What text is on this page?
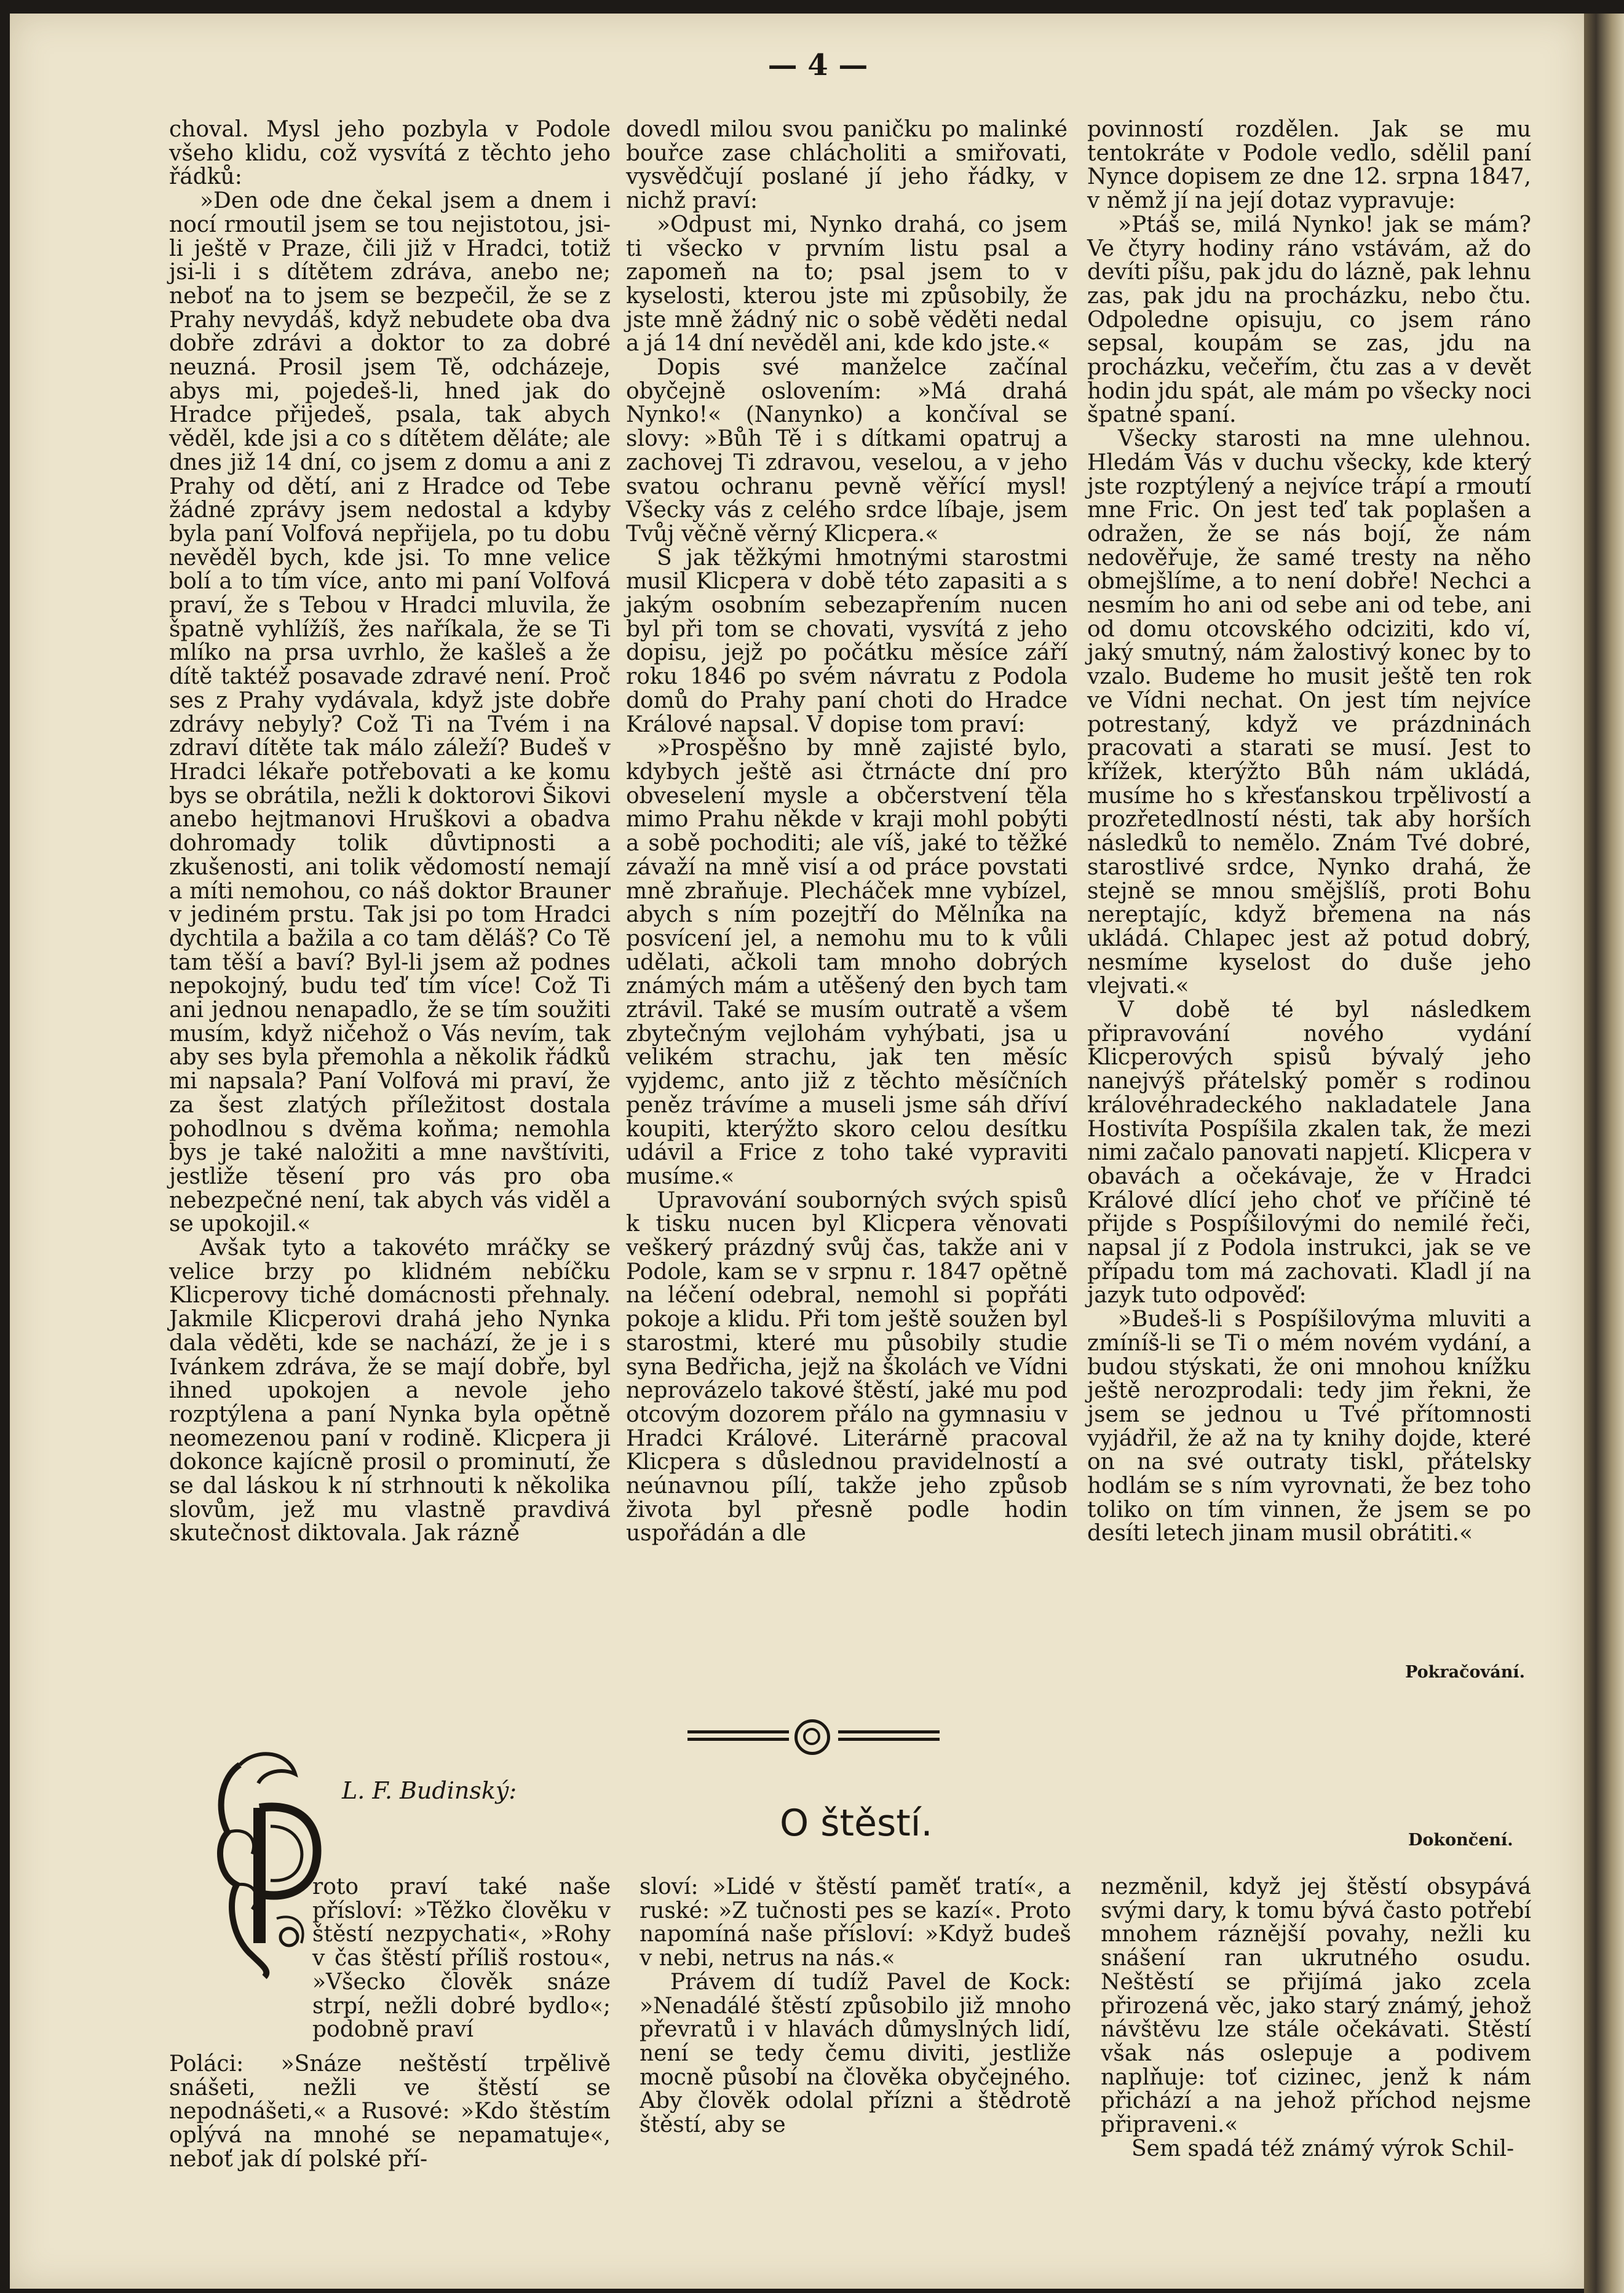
— 4 —

choval. Mysl jeho pozbyla v Podole všeho klidu, což vysvítá z těchto jeho řádků:

»Den ode dne čekal jsem a dnem i nocí rmoutil jsem se tou nejistotou, jsi-li ještě v Praze, čili již v Hradci, totiž jsi-li i s dítětem zdráva, anebo ne; neboť na to jsem se bezpečil, že se z Prahy nevydáš, když nebudete oba dva dobře zdrávi a doktor to za dobré neuzná. Prosil jsem Tě, odcházeje, abys mi, pojedeš-li, hned jak do Hradce přijedeš, psala, tak abych věděl, kde jsi a co s dítětem děláte; ale dnes již 14 dní, co jsem z domu a ani z Prahy od dětí, ani z Hradce od Tebe žádné zprávy jsem nedostal a kdyby byla paní Volfová nepřijela, po tu dobu nevěděl bych, kde jsi. To mne velice bolí a to tím více, anto mi paní Volfová praví, že s Tebou v Hradci mluvila, že špatně vyhlížíš, žes naříkala, že se Ti mlíko na prsa uvrhlo, že kašleš a že dítě taktéž posavade zdravé není. Proč ses z Prahy vydávala, když jste dobře zdrávy nebyly? Což Ti na Tvém i na zdraví dítěte tak málo záleží? Budeš v Hradci lékaře potřebovati a ke komu bys se obrátila, nežli k doktorovi Šikovi anebo hejtmanovi Hruškovi a obadva dohromady tolik důvtipnosti a zkušenosti, ani tolik vědomostí nemají a míti nemohou, co náš doktor Brauner v jediném prstu. Tak jsi po tom Hradci dychtila a bažila a co tam děláš? Co Tě tam těší a baví? Byl-li jsem až podnes nepokojný, budu teď tím více! Což Ti ani jednou nenapadlo, že se tím soužiti musím, když ničehož o Vás nevím, tak aby ses byla přemohla a několik řádků mi napsala? Paní Volfová mi praví, že za šest zlatých příležitost dostala pohodlnou s dvěma koňma; nemohla bys je také naložiti a mne navštíviti, jestliže těsení pro vás pro oba nebezpečné není, tak abych vás viděl a se upokojil.«

Avšak tyto a takovéto mráčky se velice brzy po klidném nebíčku Klicperovy tiché domácnosti přehnaly. Jakmile Klicperovi drahá jeho Nynka dala věděti, kde se nachází, že je i s Ivánkem zdráva, že se mají dobře, byl ihned upokojen a nevole jeho rozptýlena a paní Nynka byla opětně neomezenou paní v rodině. Klicpera ji dokonce kajícně prosil o prominutí, že se dal láskou k ní strhnouti k několika slovům, jež mu vlastně pravdivá skutečnost diktovala. Jak rázně

dovedl milou svou paničku po malinké bouřce zase chlácholiti a smiřovati, vysvědčují poslané jí jeho řádky, v nichž praví:

»Odpust mi, Nynko drahá, co jsem ti všecko v prvním listu psal a zapomeň na to; psal jsem to v kyselosti, kterou jste mi způsobily, že jste mně žádný nic o sobě věděti nedal a já 14 dní nevěděl ani, kde kdo jste.«

Dopis své manželce začínal obyčejně oslovením: »Má drahá Nynko!« (Nanynko) a končíval se slovy: »Bůh Tě i s dítkami opatruj a zachovej Ti zdravou, veselou, a v jeho svatou ochranu pevně věřící mysl! Všecky vás z celého srdce líbaje, jsem Tvůj věčně věrný Klicpera.«

S jak těžkými hmotnými starostmi musil Klicpera v době této zapasiti a s jakým osobním sebezapřením nucen byl při tom se chovati, vysvítá z jeho dopisu, jejž po počátku měsíce září roku 1846 po svém návratu z Podola domů do Prahy paní choti do Hradce Králové napsal. V dopise tom praví:

»Prospěšno by mně zajisté bylo, kdybych ještě asi čtrnácte dní pro obveselení mysle a občerstvení těla mimo Prahu někde v kraji mohl pobýti a sobě pochoditi; ale víš, jaké to těžké závaží na mně visí a od práce povstati mně zbraňuje. Plecháček mne vybízel, abych s ním pozejtří do Mělníka na posvícení jel, a nemohu mu to k vůli udělati, ačkoli tam mnoho dobrých známých mám a utěšený den bych tam ztrávil. Také se musím outratě a všem zbytečným vejlohám vyhýbati, jsa u velikém strachu, jak ten měsíc vyjdemc, anto již z těchto měsíčních peněz trávíme a museli jsme sáh dříví koupiti, kterýžto skoro celou desítku udávil a Frice z toho také vypraviti musíme.«

Upravování souborných svých spisů k tisku nucen byl Klicpera věnovati veškerý prázdný svůj čas, takže ani v Podole, kam se v srpnu r. 1847 opětně na léčení odebral, nemohl si popřáti pokoje a klidu. Při tom ještě soužen byl starostmi, které mu působily studie syna Bedřicha, jejž na školách ve Vídni neprovázelo takové štěstí, jaké mu pod otcovým dozorem přálo na gymnasiu v Hradci Králové. Literárně pracoval Klicpera s důslednou pravidelností a neúnavnou pílí, takže jeho způsob života byl přesně podle hodin uspořádán a dle

povinností rozdělen. Jak se mu tentokráte v Podole vedlo, sdělil paní Nynce dopisem ze dne 12. srpna 1847, v němž jí na její dotaz vypravuje:

»Ptáš se, milá Nynko! jak se mám? Ve čtyry hodiny ráno vstávám, až do devíti píšu, pak jdu do lázně, pak lehnu zas, pak jdu na procházku, nebo čtu. Odpoledne opisuju, co jsem ráno sepsal, koupám se zas, jdu na procházku, večeřím, čtu zas a v devět hodin jdu spát, ale mám po všecky noci špatné spaní.

Všecky starosti na mne ulehnou. Hledám Vás v duchu všecky, kde který jste rozptýlený a nejvíce trápí a rmoutí mne Fric. On jest teď tak poplašen a odražen, že se nás bojí, že nám nedověřuje, že samé tresty na něho obmejšlíme, a to není dobře! Nechci a nesmím ho ani od sebe ani od tebe, ani od domu otcovského odciziti, kdo ví, jaký smutný, nám žalostivý konec by to vzalo. Budeme ho musit ještě ten rok ve Vídni nechat. On jest tím nejvíce potrestaný, když ve prázdninách pracovati a starati se musí. Jest to křížek, kterýžto Bůh nám ukládá, musíme ho s křesťanskou trpělivostí a prozřetedlností nésti, tak aby horších následků to nemělo. Znám Tvé dobré, starostlivé srdce, Nynko drahá, že stejně se mnou smějšlíš, proti Bohu nereptajíc, když břemena na nás ukládá. Chlapec jest až potud dobrý, nesmíme kyselost do duše jeho vlejvati.«

V době té byl následkem připravování nového vydání Klicperových spisů bývalý jeho nanejvýš přátelský poměr s rodinou královéhradeckého nakladatele Jana Hostivíta Pospíšila zkalen tak, že mezi nimi začalo panovati napjetí. Klicpera v obavách a očekávaje, že v Hradci Králové dlící jeho choť ve příčině té přijde s Pospíšilovými do nemilé řeči, napsal jí z Podola instrukci, jak se ve případu tom má zachovati. Kladl jí na jazyk tuto odpověď:

»Budeš-li s Pospíšilovýma mluviti a zmíníš-li se Ti o mém novém vydání, a budou stýskati, že oni mnohou knížku ještě nerozprodali: tedy jim řekni, že jsem se jednou u Tvé přítomnosti vyjádřil, že až na ty knihy dojde, které on na své outraty tiskl, přátelsky hodlám se s ním vyrovnati, že bez toho toliko on tím vinnen, že jsem se po desíti letech jinam musil obrátiti.«

Pokračování.
L. F. Budinský:
O štěstí.	Dokončení.

roto praví také naše přísloví: »Těžko člověku v štěstí nezpychati«, »Rohy v čas štěstí příliš rostou«, »Všecko člověk snáze strpí, nežli dobré bydlo«; podobně praví

Poláci: »Snáze neštěstí trpělivě snášeti, nežli ve štěstí se nepodnášeti,« a Rusové: »Kdo štěstím oplývá na mnohé se nepamatuje«, neboť jak dí polské pří-

sloví: »Lidé v štěstí paměť tratí«, a ruské: »Z tučnosti pes se kazí«. Proto napomíná naše přísloví: »Když budeš v nebi, netrus na nás.«

Právem dí tudíž Pavel de Kock: »Nenadálé štěstí způsobilo již mnoho převratů i v hlavách důmyslných lidí, není se tedy čemu diviti, jestliže mocně působí na člověka obyčejného. Aby člověk odolal přízni a štědrotě štěstí, aby se

nezměnil, když jej štěstí obsypává svými dary, k tomu bývá často potřebí mnohem ráznější povahy, nežli ku snášení ran ukrutného osudu. Neštěstí se přijímá jako zcela přirozená věc, jako starý známý, jehož návštěvu lze stále očekávati. Štěstí však nás oslepuje a podivem naplňuje: toť cizinec, jenž k nám přichází a na jehož příchod nejsme připraveni.«

Sem spadá též známý výrok Schil-
